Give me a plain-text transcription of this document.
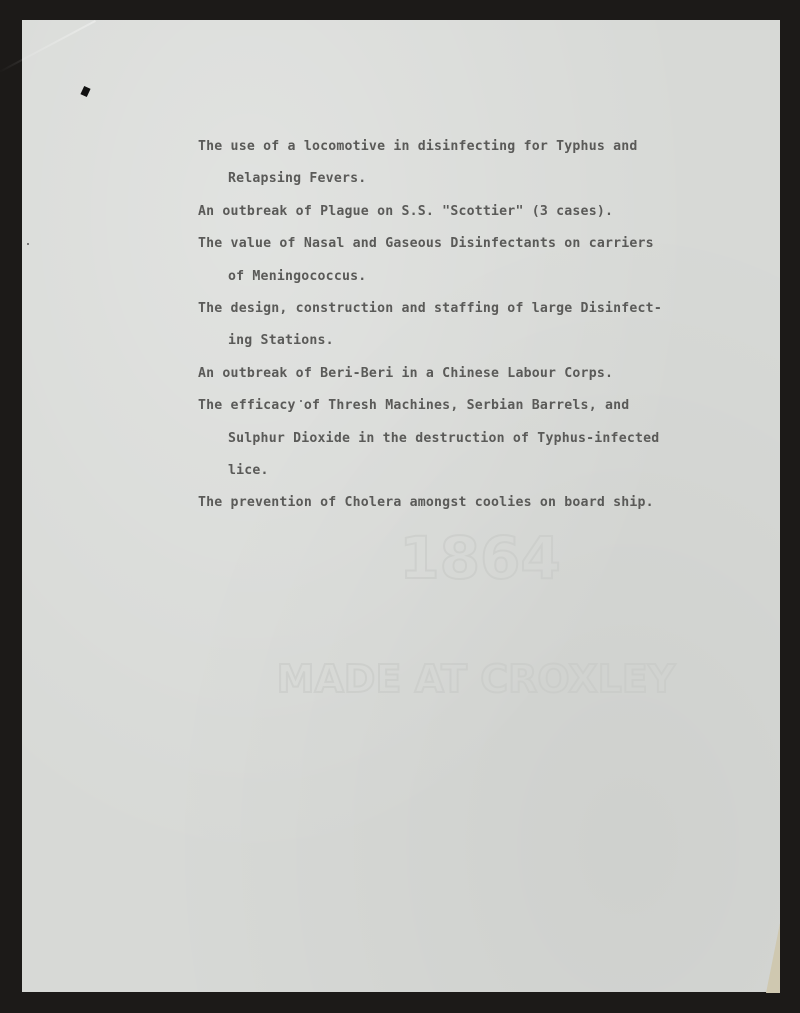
1864
MADE AT CROXLEY
The use of a locomotive in disinfecting for Typhus and
Relapsing Fevers.
An outbreak of Plague on S.S. "Scottier" (3 cases).
The value of Nasal and Gaseous Disinfectants on carriers
of Meningococcus.
The design, construction and staffing of large Disinfect-
ing Stations.
An outbreak of Beri-Beri in a Chinese Labour Corps.
The efficacy of Thresh Machines, Serbian Barrels, and
Sulphur Dioxide in the destruction of Typhus-infected
lice.
The prevention of Cholera amongst coolies on board ship.
